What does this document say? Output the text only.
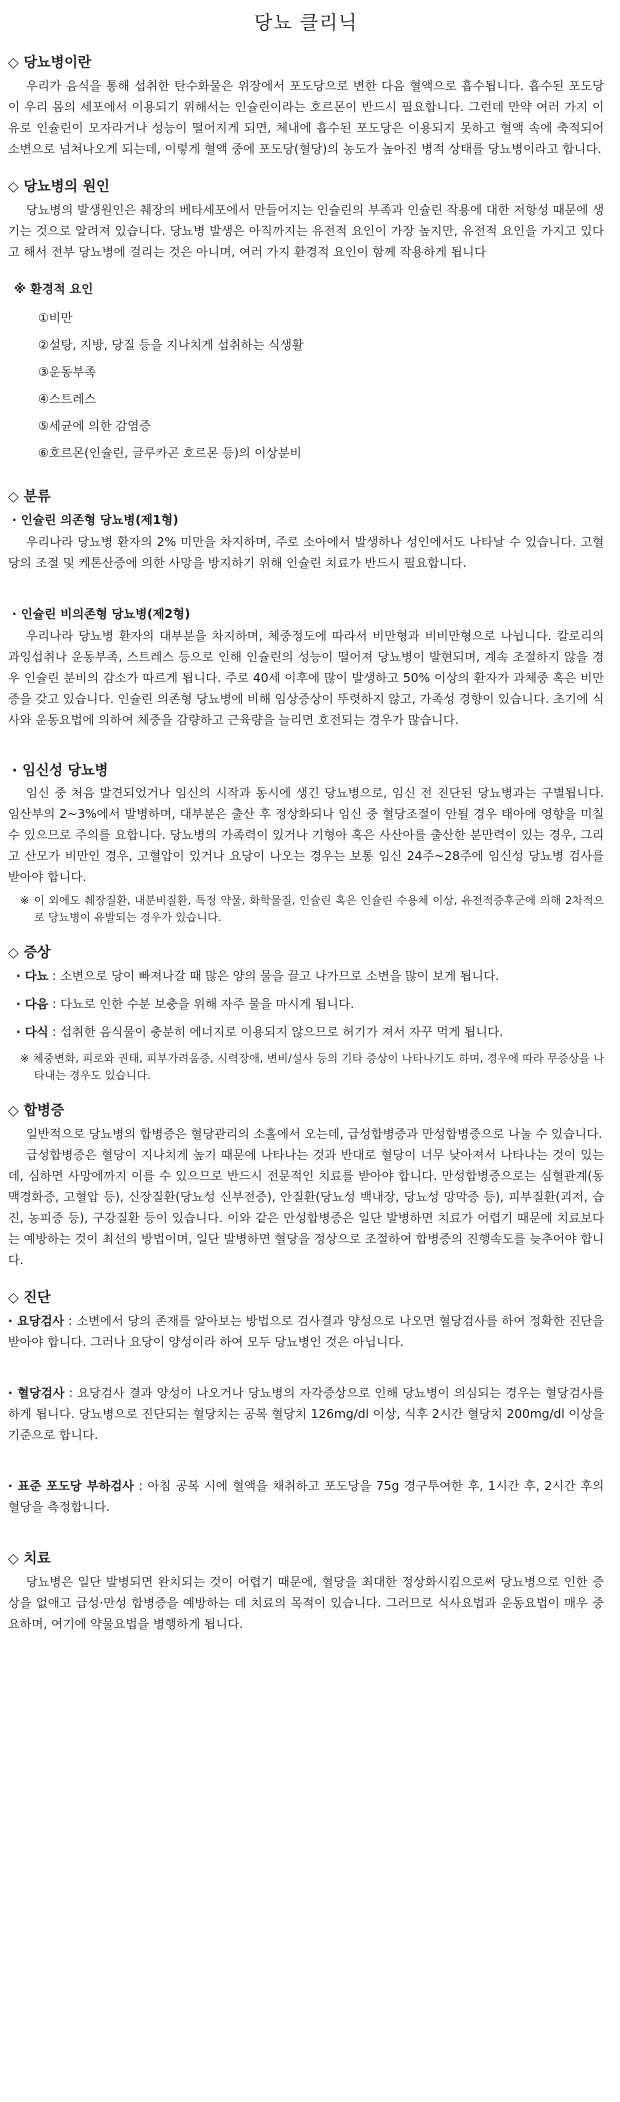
당뇨 클리닉
◇ 당뇨병이란

우리가 음식을 통해 섭취한 탄수화물은 위장에서 포도당으로 변한 다음 혈액으로 흡수됩니다. 흡수된 포도당이 우리 몸의 세포에서 이용되기 위해서는 인슐린이라는 호르몬이 반드시 필요합니다. 그런데 만약 여러 가지 이유로 인슐린이 모자라거나 성능이 떨어지게 되면, 체내에 흡수된 포도당은 이용되지 못하고 혈액 속에 축적되어 소변으로 넘쳐나오게 되는데, 이렇게 혈액 중에 포도당(혈당)의 농도가 높아진 병적 상태를 당뇨병이라고 합니다.

◇ 당뇨병의 원인

당뇨병의 발생원인은 췌장의 베타세포에서 만들어지는 인슐린의 부족과 인슐린 작용에 대한 저항성 때문에 생기는 것으로 알려져 있습니다. 당뇨병 발생은 아직까지는 유전적 요인이 가장 높지만, 유전적 요인을 가지고 있다고 해서 전부 당뇨병에 걸리는 것은 아니며, 여러 가지 환경적 요인이 함께 작용하게 됩니다

※ 환경적 요인
①비만
②설탕, 지방, 당질 등을 지나치게 섭취하는 식생활
③운동부족
④스트레스
⑤세균에 의한 감염증
⑥호르몬(인슐린, 글루카곤 호르몬 등)의 이상분비
◇ 분류
· 인슐린 의존형 당뇨병(제1형)

우리나라 당뇨병 환자의 2% 미만을 차지하며, 주로 소아에서 발생하나 성인에서도 나타날 수 있습니다. 고혈당의 조절 및 케톤산증에 의한 사망을 방지하기 위해 인슐린 치료가 반드시 필요합니다.

· 인슐린 비의존형 당뇨병(제2형)

우리나라 당뇨병 환자의 대부분을 차지하며, 체중정도에 따라서 비만형과 비비만형으로 나뉩니다. 칼로리의 과잉섭취나 운동부족, 스트레스 등으로 인해 인슐린의 성능이 떨어져 당뇨병이 발현되며, 계속 조절하지 않을 경우 인슐린 분비의 감소가 따르게 됩니다. 주로 40세 이후에 많이 발생하고 50% 이상의 환자가 과체중 혹은 비만증을 갖고 있습니다. 인슐린 의존형 당뇨병에 비해 임상증상이 뚜렷하지 않고, 가족성 경향이 있습니다. 초기에 식사와 운동요법에 의하여 체중을 감량하고 근육량을 늘리면 호전되는 경우가 많습니다.

· 임신성 당뇨병

임신 중 처음 발견되었거나 임신의 시작과 동시에 생긴 당뇨병으로, 임신 전 진단된 당뇨병과는 구별됩니다. 임산부의 2~3%에서 발병하며, 대부분은 출산 후 정상화되나 임신 중 혈당조절이 안될 경우 태아에 영향을 미칠 수 있으므로 주의를 요합니다. 당뇨병의 가족력이 있거나 기형아 혹은 사산아를 출산한 분만력이 있는 경우, 그리고 산모가 비만인 경우, 고혈압이 있거나 요당이 나오는 경우는 보통 임신 24주~28주에 임신성 당뇨병 검사를 받아야 합니다.

※ 이 외에도 췌장질환, 내분비질환, 특정 약물, 화학물질, 인슐린 혹은 인슐린 수용체 이상, 유전적증후군에 의해 2차적으로 당뇨병이 유발되는 경우가 있습니다.

◇ 증상

· 다뇨 : 소변으로 당이 빠져나갈 때 많은 양의 물을 끌고 나가므로 소변을 많이 보게 됩니다.

· 다음 : 다뇨로 인한 수분 보충을 위해 자주 물을 마시게 됩니다.

· 다식 : 섭취한 음식물이 충분히 에너지로 이용되지 않으므로 허기가 져서 자꾸 먹게 됩니다.

※ 체중변화, 피로와 권태, 피부가려움증, 시력장애, 변비/설사 등의 기타 증상이 나타나기도 하며, 경우에 따라 무증상을 나타내는 경우도 있습니다.

◇ 합병증

일반적으로 당뇨병의 합병증은 혈당관리의 소홀에서 오는데, 급성합병증과 만성합병증으로 나눌 수 있습니다.

급성합병증은 혈당이 지나치게 높기 때문에 나타나는 것과 반대로 혈당이 너무 낮아져서 나타나는 것이 있는데, 심하면 사망에까지 이를 수 있으므로 반드시 전문적인 치료를 받아야 합니다. 만성합병증으로는 심혈관계(동맥경화증, 고혈압 등), 신장질환(당뇨성 신부전증), 안질환(당뇨성 백내장, 당뇨성 망막증 등), 피부질환(괴저, 습진, 농피증 등), 구강질환 등이 있습니다. 이와 같은 만성합병증은 일단 발병하면 치료가 어렵기 때문에 치료보다는 예방하는 것이 최선의 방법이며, 일단 발병하면 혈당을 정상으로 조절하여 합병증의 진행속도를 늦추어야 합니다.

◇ 진단

· 요당검사 : 소변에서 당의 존재를 알아보는 방법으로 검사결과 양성으로 나오면 혈당검사를 하여 정확한 진단을 받아야 합니다. 그러나 요당이 양성이라 하여 모두 당뇨병인 것은 아닙니다.

· 혈당검사 : 요당검사 결과 양성이 나오거나 당뇨병의 자각증상으로 인해 당뇨병이 의심되는 경우는 혈당검사를 하게 됩니다. 당뇨병으로 진단되는 혈당치는 공복 혈당치 126mg/dl 이상, 식후 2시간 혈당치 200mg/dl 이상을 기준으로 합니다.

· 표준 포도당 부하검사 : 아침 공복 시에 혈액을 채취하고 포도당을 75g 경구투여한 후, 1시간 후, 2시간 후의 혈당을 측정합니다.

◇ 치료

당뇨병은 일단 발병되면 완치되는 것이 어렵기 때문에, 혈당을 최대한 정상화시킴으로써 당뇨병으로 인한 증상을 없애고 급성·만성 합병증을 예방하는 데 치료의 목적이 있습니다. 그러므로 식사요법과 운동요법이 매우 중요하며, 여기에 약물요법을 병행하게 됩니다.
